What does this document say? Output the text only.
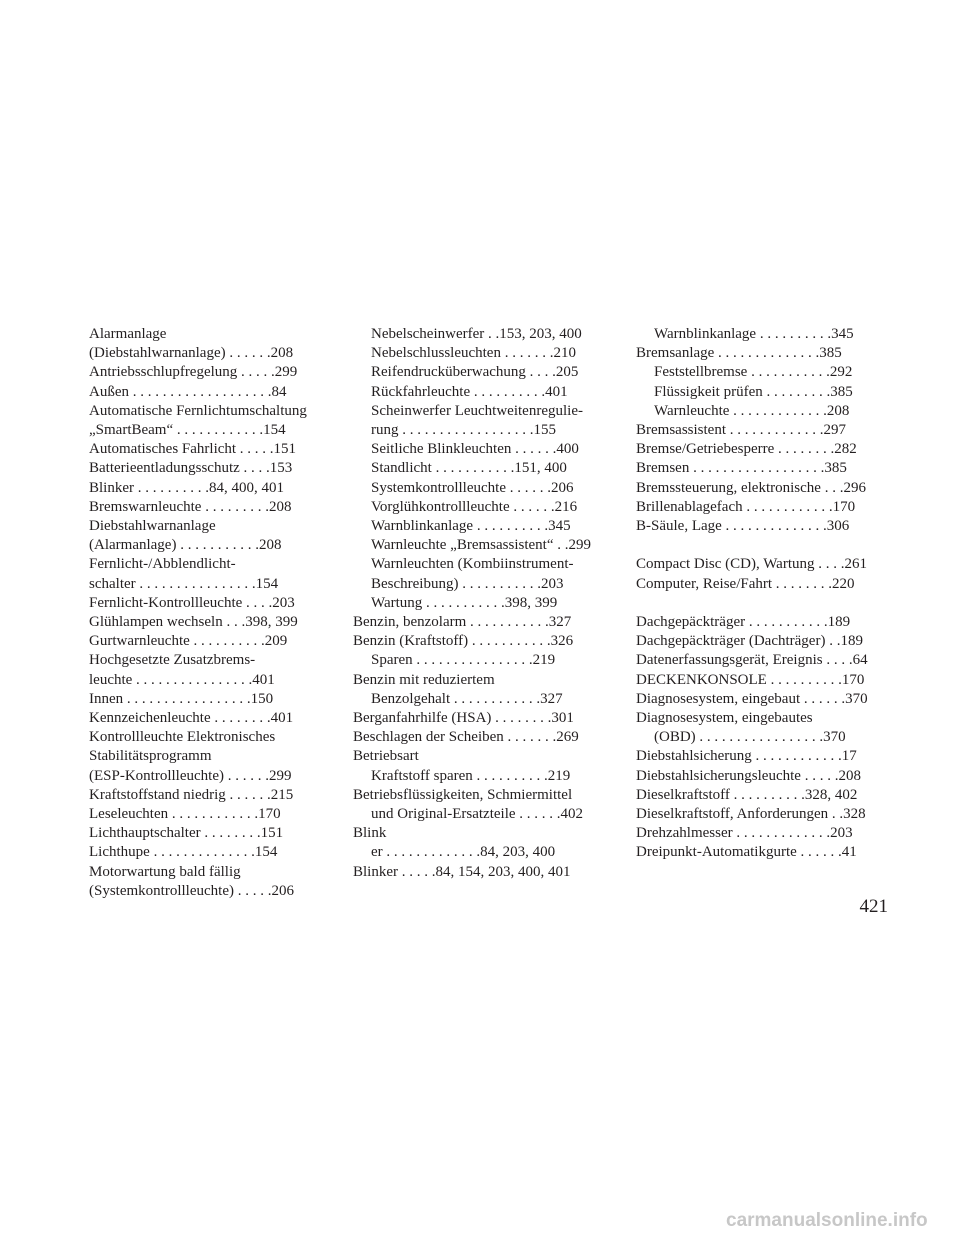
Alarmanlage
(Diebstahlwarnanlage) . . . . . .208
Antriebsschlupfregelung . . . . .299
Außen . . . . . . . . . . . . . . . . . . .84
Automatische Fernlichtumschaltung
„SmartBeam“ . . . . . . . . . . . .154
Automatisches Fahrlicht . . . . .151
Batterieentladungsschutz . . . .153
Blinker . . . . . . . . . .84, 400, 401
Bremswarnleuchte . . . . . . . . .208
Diebstahlwarnanlage
(Alarmanlage) . . . . . . . . . . .208
Fernlicht-/Abblendlicht-
schalter . . . . . . . . . . . . . . . .154
Fernlicht-Kontrollleuchte . . . .203
Glühlampen wechseln . . .398, 399
Gurtwarnleuchte . . . . . . . . . .209
Hochgesetzte Zusatzbrems-
leuchte . . . . . . . . . . . . . . . .401
Innen . . . . . . . . . . . . . . . . .150
Kennzeichenleuchte . . . . . . . .401
Kontrollleuchte Elektronisches
Stabilitätsprogramm
(ESP-Kontrollleuchte) . . . . . .299
Kraftstoffstand niedrig . . . . . .215
Leseleuchten . . . . . . . . . . . .170
Lichthauptschalter . . . . . . . .151
Lichthupe . . . . . . . . . . . . . .154
Motorwartung bald fällig
(Systemkontrollleuchte) . . . . .206
Nebelscheinwerfer . .153, 203, 400
Nebelschlussleuchten . . . . . . .210
Reifendrucküberwachung . . . .205
Rückfahrleuchte . . . . . . . . . .401
Scheinwerfer Leuchtweitenregulie-
rung . . . . . . . . . . . . . . . . . .155
Seitliche Blinkleuchten . . . . . .400
Standlicht . . . . . . . . . . .151, 400
Systemkontrollleuchte . . . . . .206
Vorglühkontrollleuchte . . . . . .216
Warnblinkanlage . . . . . . . . . .345
Warnleuchte „Bremsassistent“ . .299
Warnleuchten (Kombiinstrument-
Beschreibung) . . . . . . . . . . .203
Wartung . . . . . . . . . . .398, 399
Benzin, benzolarm . . . . . . . . . . .327
Benzin (Kraftstoff) . . . . . . . . . . .326
Sparen . . . . . . . . . . . . . . . .219
Benzin mit reduziertem
Benzolgehalt . . . . . . . . . . . .327
Berganfahrhilfe (HSA) . . . . . . . .301
Beschlagen der Scheiben . . . . . . .269
Betriebsart
Kraftstoff sparen . . . . . . . . . .219
Betriebsflüssigkeiten, Schmiermittel
und Original-Ersatzteile . . . . . .402
Blink
er . . . . . . . . . . . . .84, 203, 400
Blinker . . . . .84, 154, 203, 400, 401
Warnblinkanlage . . . . . . . . . .345
Bremsanlage . . . . . . . . . . . . . .385
Feststellbremse . . . . . . . . . . .292
Flüssigkeit prüfen . . . . . . . . .385
Warnleuchte . . . . . . . . . . . . .208
Bremsassistent . . . . . . . . . . . . .297
Bremse/Getriebesperre . . . . . . . .282
Bremsen . . . . . . . . . . . . . . . . . .385
Bremssteuerung, elektronische . . .296
Brillenablagefach . . . . . . . . . . . .170
B-Säule, Lage . . . . . . . . . . . . . .306
Compact Disc (CD), Wartung . . . .261
Computer, Reise/Fahrt . . . . . . . .220
Dachgepäckträger . . . . . . . . . . .189
Dachgepäckträger (Dachträger) . .189
Datenerfassungsgerät, Ereignis . . . .64
DECKENKONSOLE . . . . . . . . . .170
Diagnosesystem, eingebaut . . . . . .370
Diagnosesystem, eingebautes
(OBD) . . . . . . . . . . . . . . . . .370
Diebstahlsicherung . . . . . . . . . . . .17
Diebstahlsicherungsleuchte . . . . .208
Dieselkraftstoff . . . . . . . . . .328, 402
Dieselkraftstoff, Anforderungen . .328
Drehzahlmesser . . . . . . . . . . . . .203
Dreipunkt-Automatikgurte . . . . . .41
421
carmanualsonline.info
